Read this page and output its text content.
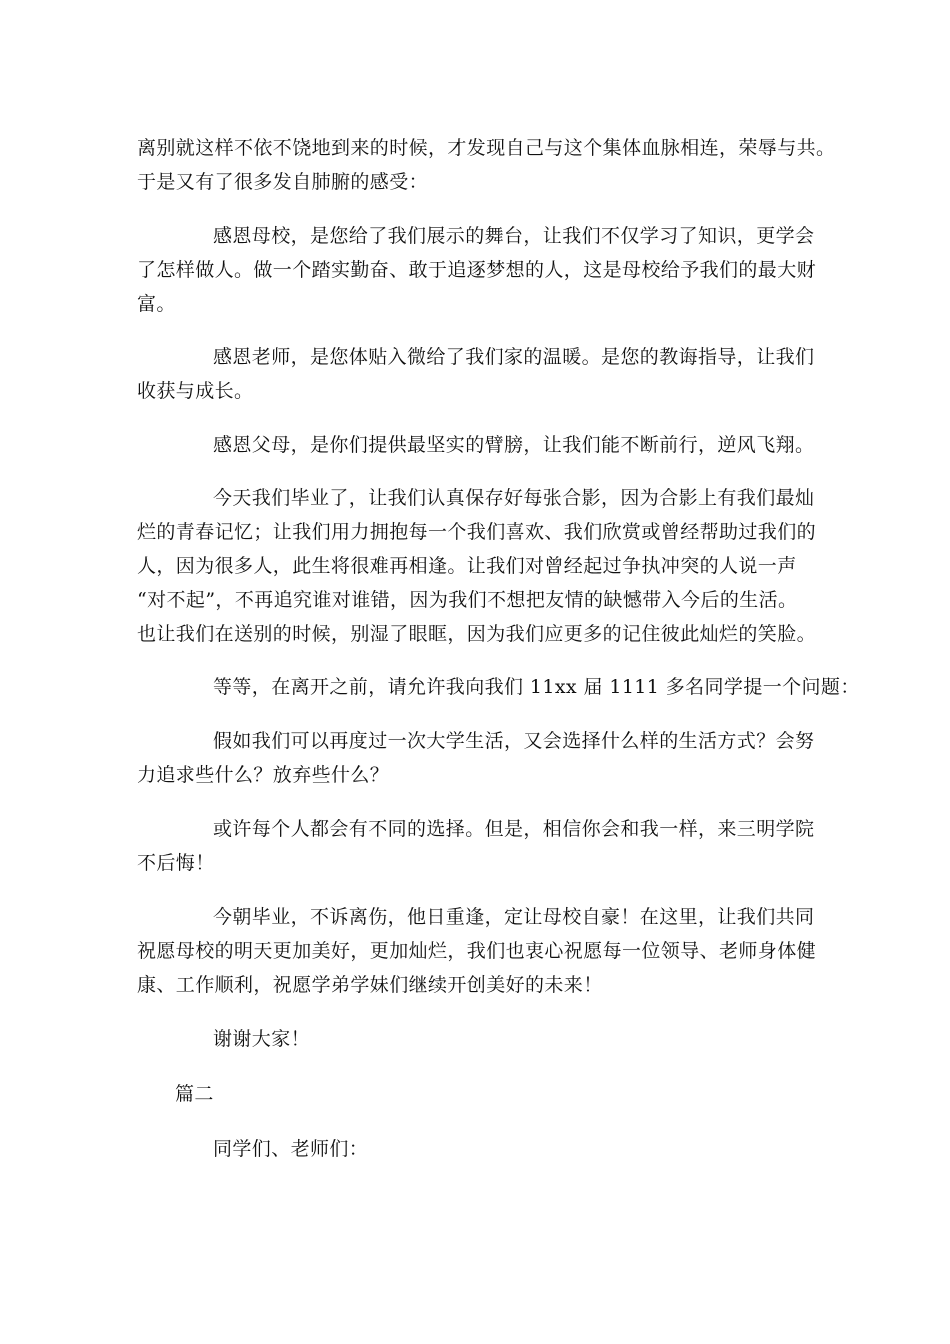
离别就这样不依不饶地到来的时候，才发现自己与这个集体血脉相连，荣辱与共。
于是又有了很多发自肺腑的感受：
感恩母校，是您给了我们展示的舞台，让我们不仅学习了知识，更学会
了怎样做人。做一个踏实勤奋、敢于追逐梦想的人，这是母校给予我们的最大财
富。
感恩老师，是您体贴入微给了我们家的温暖。是您的教诲指导，让我们
收获与成长。
感恩父母，是你们提供最坚实的臂膀，让我们能不断前行，逆风飞翔。
今天我们毕业了，让我们认真保存好每张合影，因为合影上有我们最灿
烂的青春记忆；让我们用力拥抱每一个我们喜欢、我们欣赏或曾经帮助过我们的
人，因为很多人，此生将很难再相逢。让我们对曾经起过争执冲突的人说一声
“对不起”，不再追究谁对谁错，因为我们不想把友情的缺憾带入今后的生活。
也让我们在送别的时候，别湿了眼眶，因为我们应更多的记住彼此灿烂的笑脸。
等等，在离开之前，请允许我向我们 11xx 届 1111 多名同学提一个问题：
假如我们可以再度过一次大学生活，又会选择什么样的生活方式？会努
力追求些什么？放弃些什么？
或许每个人都会有不同的选择。但是，相信你会和我一样，来三明学院
不后悔！
今朝毕业，不诉离伤，他日重逢，定让母校自豪！在这里，让我们共同
祝愿母校的明天更加美好，更加灿烂，我们也衷心祝愿每一位领导、老师身体健
康、工作顺利，祝愿学弟学妹们继续开创美好的未来！
谢谢大家！
篇二
同学们、老师们：
